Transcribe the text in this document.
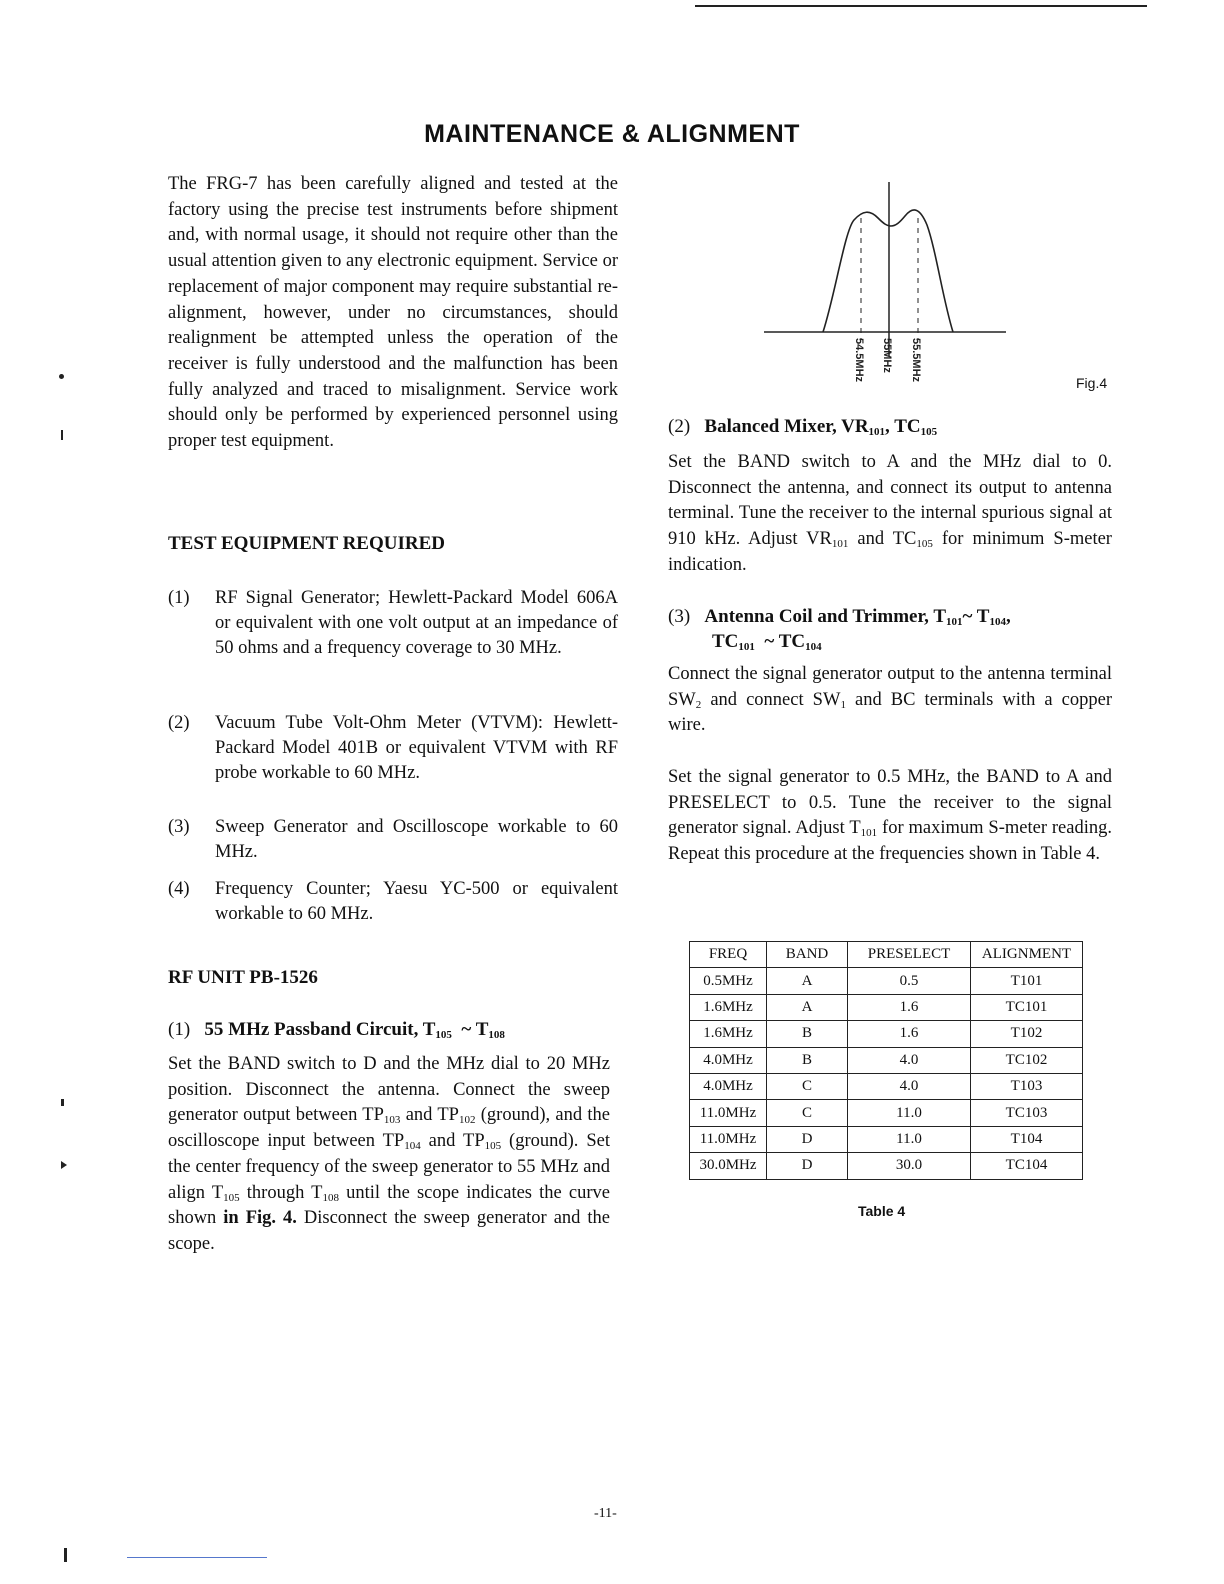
MAINTENANCE & ALIGNMENT
The FRG-7 has been carefully aligned and tested at the factory using the precise test instruments before shipment and, with normal usage, it should not require other than the usual attention given to any electronic equipment. Service or replacement of major component may require substantial re-alignment, however, under no circumstances, should realignment be attempted unless the operation of the receiver is fully understood and the malfunction has been fully analyzed and traced to misalignment. Service work should only be performed by experienced personnel using proper test equipment.
TEST EQUIPMENT REQUIRED
(1) RF Signal Generator; Hewlett-Packard Model 606A or equivalent with one volt output at an impedance of 50 ohms and a frequency coverage to 30 MHz.
(2) Vacuum Tube Volt-Ohm Meter (VTVM): Hewlett-Packard Model 401B or equivalent VTVM with RF probe workable to 60 MHz.
(3) Sweep Generator and Oscilloscope workable to 60 MHz.
(4) Frequency Counter; Yaesu YC-500 or equivalent workable to 60 MHz.
RF UNIT PB-1526
(1) 55 MHz Passband Circuit, $T_{105}$ ~ $T_{108}$
Set the BAND switch to D and the MHz dial to 20 MHz position. Disconnect the antenna. Connect the sweep generator output between $TP_{103}$ and $TP_{102}$ (ground), and the oscilloscope input between $TP_{104}$ and $TP_{105}$ (ground). Set the center frequency of the sweep generator to 55 MHz and align $T_{105}$ through $T_{108}$ until the scope indicates the curve shown in Fig. 4. Disconnect the sweep generator and the scope.
54.5MHz 55MHz 55.5MHz
Fig.4
(2) Balanced Mixer, $VR_{101}$, $TC_{105}$
Set the BAND switch to A and the MHz dial to 0. Disconnect the antenna, and connect its output to antenna terminal. Tune the receiver to the internal spurious signal at 910 kHz. Adjust $VR_{101}$ and $TC_{105}$ for minimum S-meter indication.
(3) Antenna Coil and Trimmer, $T_{101}\sim$ $T_{104}$,
$TC_{101}$ ~ $TC_{104}$
Connect the signal generator output to the antenna terminal $SW_2$ and connect $SW_1$ and BC terminals with a copper wire.
Set the signal generator to 0.5 MHz, the BAND to A and PRESELECT to 0.5. Tune the receiver to the signal generator signal. Adjust $T_{101}$ for maximum S-meter reading. Repeat this procedure at the frequencies shown in Table 4.
FREQ	BAND	PRESELECT	ALIGNMENT
0.5MHz	A	0.5	T101
1.6MHz	A	1.6	TC101
1.6MHz	B	1.6	T102
4.0MHz	B	4.0	TC102
4.0MHz	C	4.0	T103
11.0MHz	C	11.0	TC103
11.0MHz	D	11.0	T104
30.0MHz	D	30.0	TC104
Table 4
-11-
